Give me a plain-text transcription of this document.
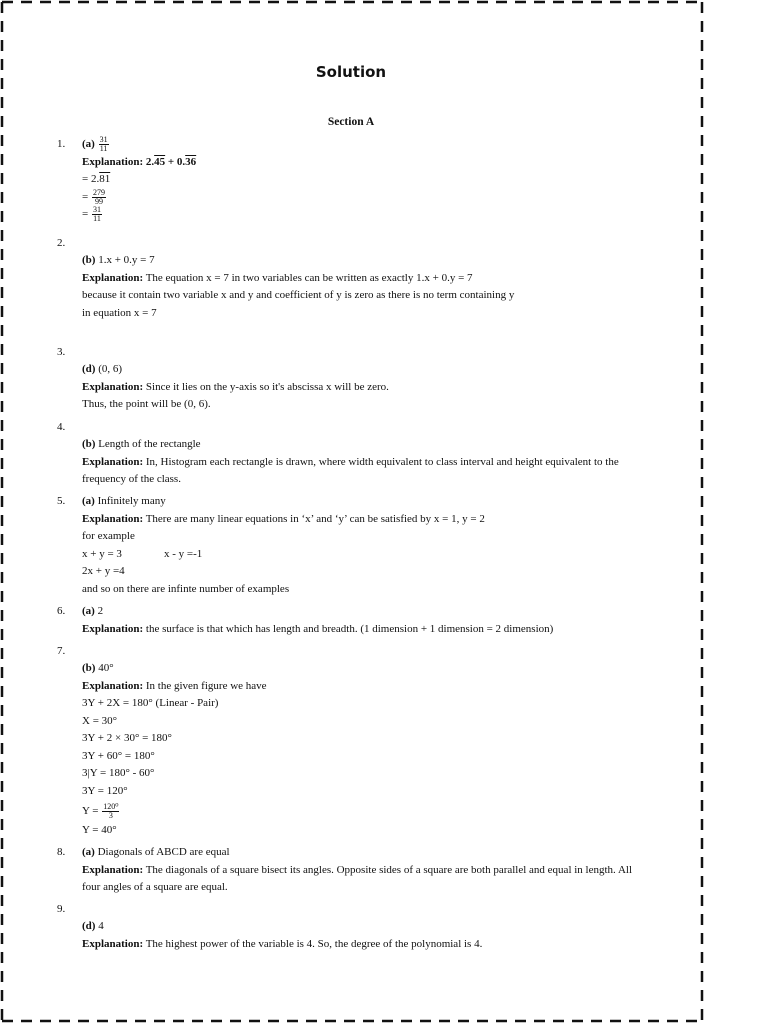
Solution
Section A
1. $(a) \frac{31}{11}$
Explanation: 2.45 + 0.36
= 2.81
= $\frac{279}{99}$
= $\frac{31}{11}$
2.
(b) 1.x + 0.y = 7
Explanation: The equation x = 7 in two variables can be written as exactly 1.x + 0.y = 7
because it contain two variable x and y and coefficient of y is zero as there is no term containing y
in equation x = 7
3.
(d) (0, 6)
Explanation: Since it lies on the y-axis so it's abscissa x will be zero.
Thus, the point will be (0, 6).
4.
(b) Length of the rectangle
Explanation: In, Histogram each rectangle is drawn, where width equivalent to class interval and height equivalent to the
frequency of the class.
5. (a) Infinitely many
Explanation: There are many linear equations in ‘x’ and ‘y’ can be satisfied by x = 1, y = 2
for example
x + y = 3	x - y =-1
2x + y =4
and so on there are infinte number of examples
6. (a) 2
Explanation: the surface is that which has length and breadth. (1 dimension + 1 dimension = 2 dimension)
7.
(b) 40°
Explanation: In the given figure we have
3Y + 2X = 180° (Linear - Pair)
X = 30°
3Y + 2 × 30° = 180°
3Y + 60° = 180°
3|Y = 180° - 60°
3Y = 120°
$Y = \frac{\text{120⁰}}{3}$
Y = 40°
8. (a) Diagonals of ABCD are equal
Explanation: The diagonals of a square bisect its angles. Opposite sides of a square are both parallel and equal in length. All
four angles of a square are equal.
9.
(d) 4
Explanation: The highest power of the variable is 4. So, the degree of the polynomial is 4.
